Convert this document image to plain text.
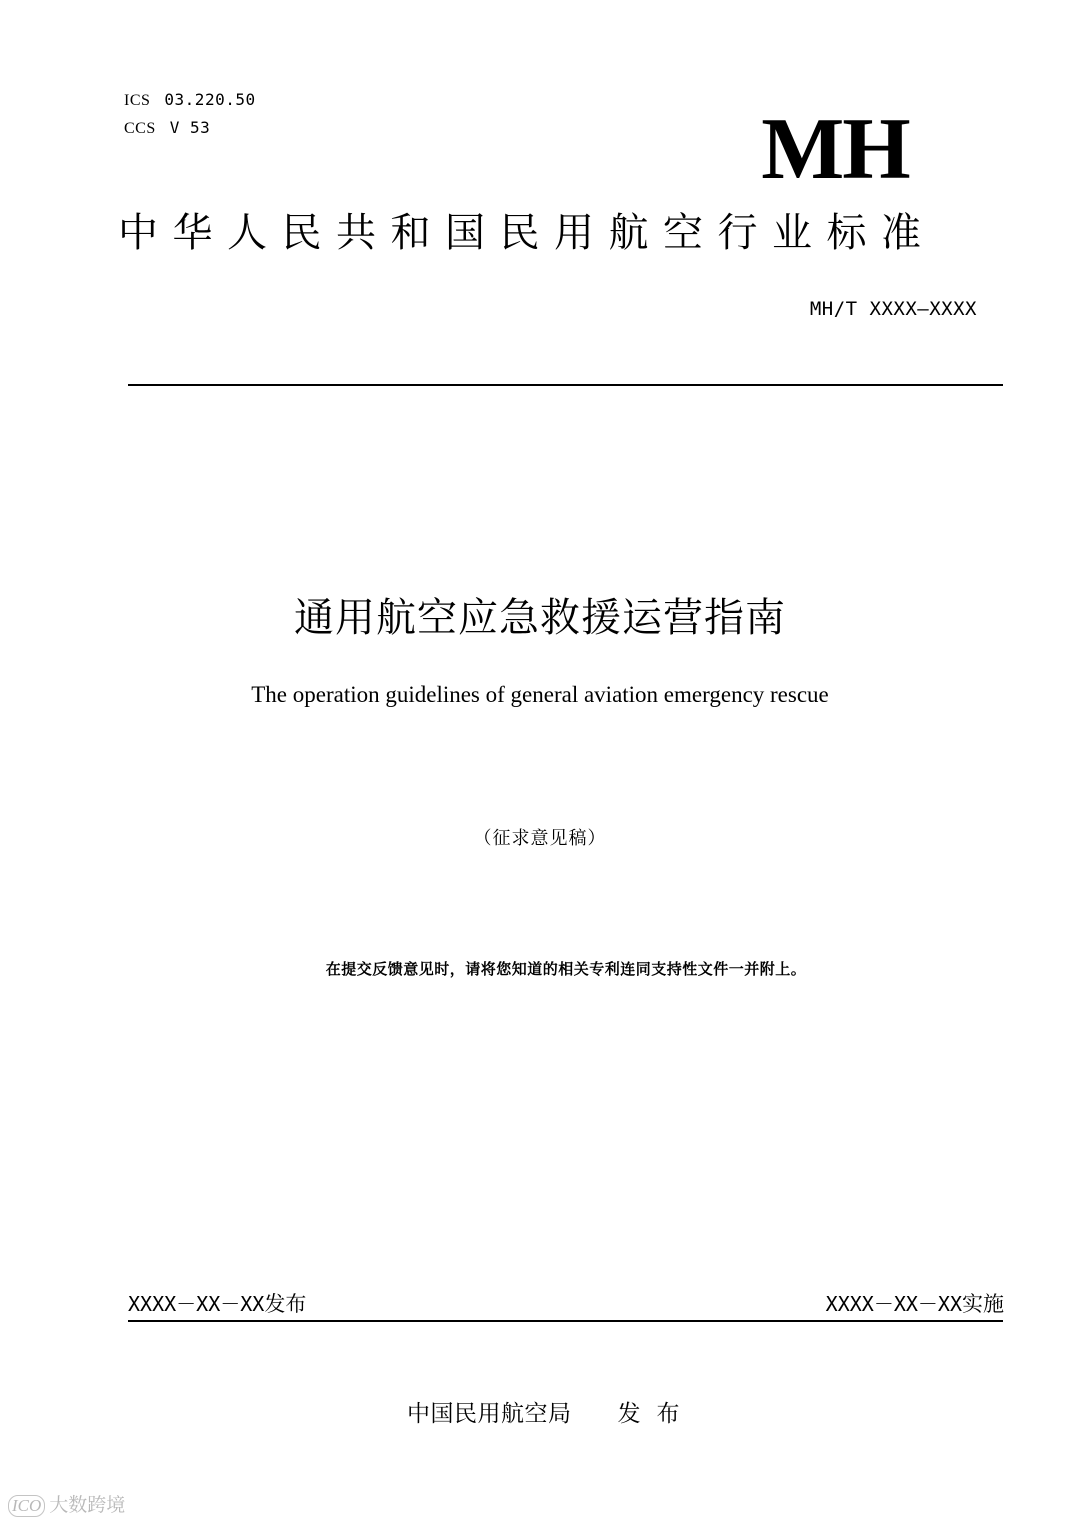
ICS 03.220.50
CCS V 53	MH
中华人民共和国民用航空行业标准
MH/T XXXX—XXXX
通用航空应急救援运营指南
The operation guidelines of general aviation emergency rescue
（征求意见稿）
在提交反馈意见时，请将您知道的相关专利连同支持性文件一并附上。
XXXX－XX－XX发布	XXXX－XX－XX实施
中国民用航空局 发布
ICO 大数跨境
